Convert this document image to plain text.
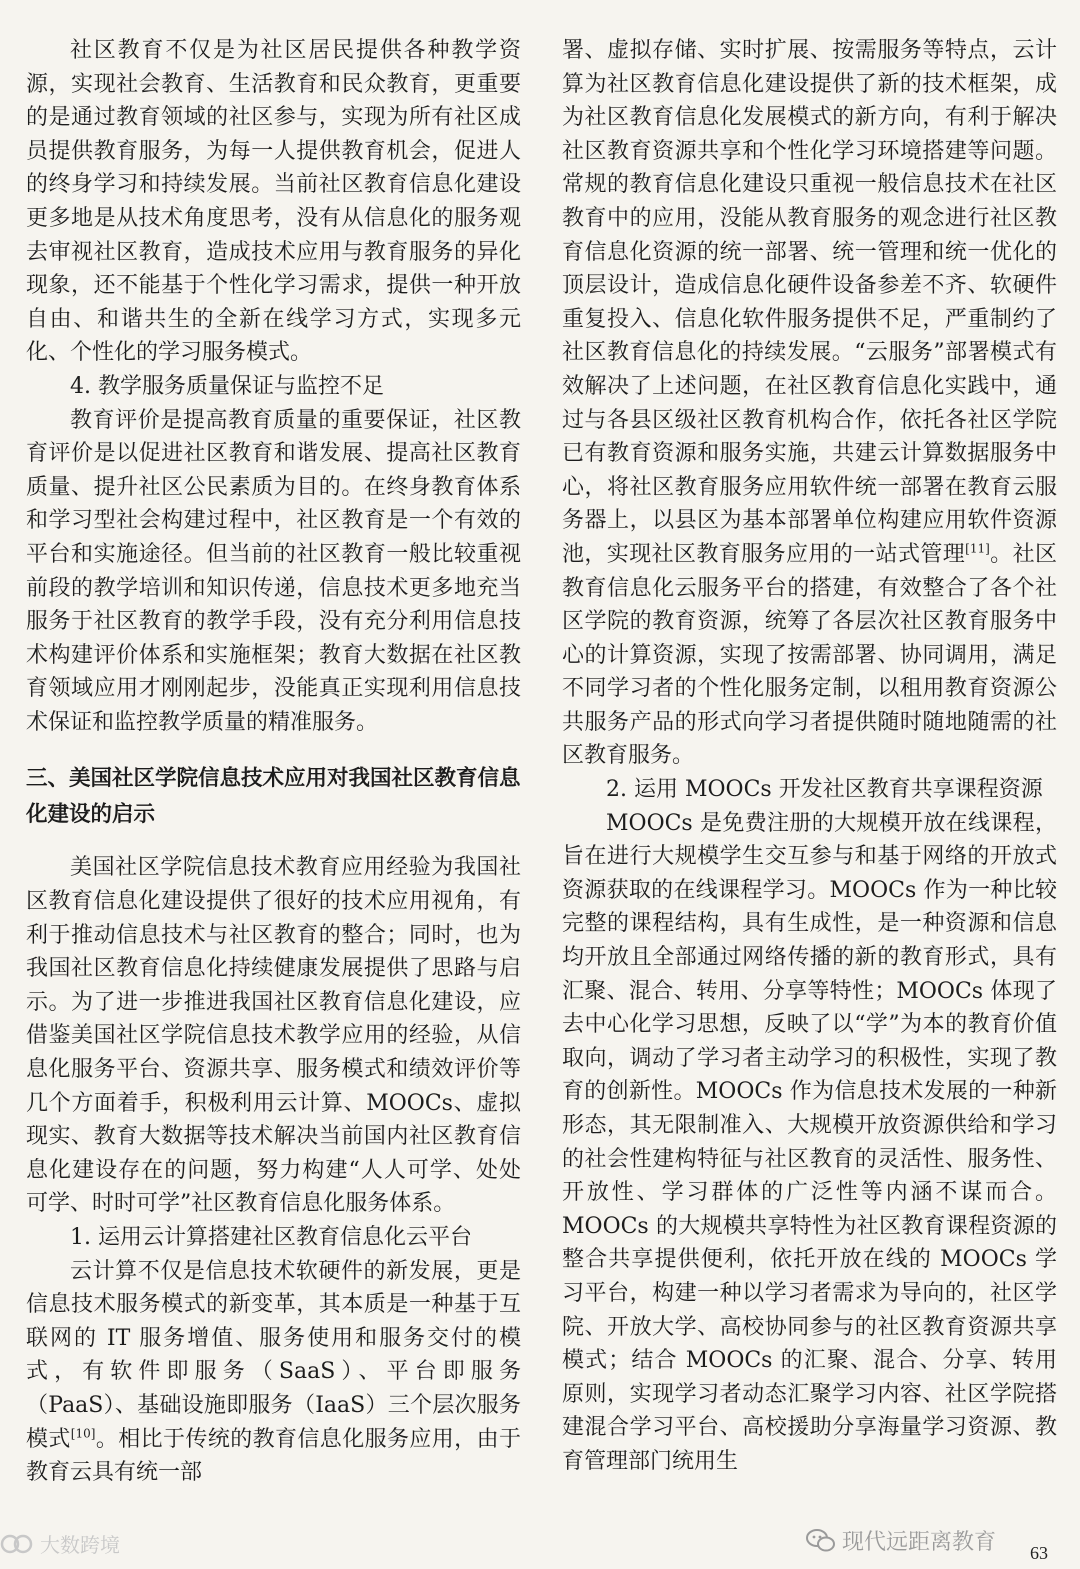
社区教育不仅是为社区居民提供各种教学资源，实现社会教育、生活教育和民众教育，更重要的是通过教育领域的社区参与，实现为所有社区成员提供教育服务，为每一人提供教育机会，促进人的终身学习和持续发展。当前社区教育信息化建设更多地是从技术角度思考，没有从信息化的服务观去审视社区教育，造成技术应用与教育服务的异化现象，还不能基于个性化学习需求，提供一种开放自由、和谐共生的全新在线学习方式，实现多元化、个性化的学习服务模式。

4. 教学服务质量保证与监控不足

教育评价是提高教育质量的重要保证，社区教育评价是以促进社区教育和谐发展、提高社区教育质量、提升社区公民素质为目的。在终身教育体系和学习型社会构建过程中，社区教育是一个有效的平台和实施途径。但当前的社区教育一般比较重视前段的教学培训和知识传递，信息技术更多地充当服务于社区教育的教学手段，没有充分利用信息技术构建评价体系和实施框架；教育大数据在社区教育领域应用才刚刚起步，没能真正实现利用信息技术保证和监控教学质量的精准服务。

三、美国社区学院信息技术应用对我国社区教育信息化建设的启示

美国社区学院信息技术教育应用经验为我国社区教育信息化建设提供了很好的技术应用视角，有利于推动信息技术与社区教育的整合；同时，也为我国社区教育信息化持续健康发展提供了思路与启示。为了进一步推进我国社区教育信息化建设，应借鉴美国社区学院信息技术教学应用的经验，从信息化服务平台、资源共享、服务模式和绩效评价等几个方面着手，积极利用云计算、MOOCs、虚拟现实、教育大数据等技术解决当前国内社区教育信息化建设存在的问题，努力构建“人人可学、处处可学、时时可学”社区教育信息化服务体系。

1. 运用云计算搭建社区教育信息化云平台

云计算不仅是信息技术软硬件的新发展，更是信息技术服务模式的新变革，其本质是一种基于互联网的 IT 服务增值、服务使用和服务交付的模式，有软件即服务（SaaS）、平台即服务（PaaS）、基础设施即服务（IaaS）三个层次服务模式[10]。相比于传统的教育信息化服务应用，由于教育云具有统一部

署、虚拟存储、实时扩展、按需服务等特点，云计算为社区教育信息化建设提供了新的技术框架，成为社区教育信息化发展模式的新方向，有利于解决社区教育资源共享和个性化学习环境搭建等问题。常规的教育信息化建设只重视一般信息技术在社区教育中的应用，没能从教育服务的观念进行社区教育信息化资源的统一部署、统一管理和统一优化的顶层设计，造成信息化硬件设备参差不齐、软硬件重复投入、信息化软件服务提供不足，严重制约了社区教育信息化的持续发展。“云服务”部署模式有效解决了上述问题，在社区教育信息化实践中，通过与各县区级社区教育机构合作，依托各社区学院已有教育资源和服务实施，共建云计算数据服务中心，将社区教育服务应用软件统一部署在教育云服务器上，以县区为基本部署单位构建应用软件资源池，实现社区教育服务应用的一站式管理[11]。社区教育信息化云服务平台的搭建，有效整合了各个社区学院的教育资源，统筹了各层次社区教育服务中心的计算资源，实现了按需部署、协同调用，满足不同学习者的个性化服务定制，以租用教育资源公共服务产品的形式向学习者提供随时随地随需的社区教育服务。

2. 运用 MOOCs 开发社区教育共享课程资源

MOOCs 是免费注册的大规模开放在线课程，旨在进行大规模学生交互参与和基于网络的开放式资源获取的在线课程学习。MOOCs 作为一种比较完整的课程结构，具有生成性，是一种资源和信息均开放且全部通过网络传播的新的教育形式，具有汇聚、混合、转用、分享等特性；MOOCs 体现了去中心化学习思想，反映了以“学”为本的教育价值取向，调动了学习者主动学习的积极性，实现了教育的创新性。MOOCs 作为信息技术发展的一种新形态，其无限制准入、大规模开放资源供给和学习的社会性建构特征与社区教育的灵活性、服务性、开放性、学习群体的广泛性等内涵不谋而合。MOOCs 的大规模共享特性为社区教育课程资源的整合共享提供便利，依托开放在线的 MOOCs 学习平台，构建一种以学习者需求为导向的，社区学院、开放大学、高校协同参与的社区教育资源共享模式；结合 MOOCs 的汇聚、混合、分享、转用原则，实现学习者动态汇聚学习内容、社区学院搭建混合学习平台、高校援助分享海量学习资源、教育管理部门统用生

大数跨境	现代远距离教育 63
